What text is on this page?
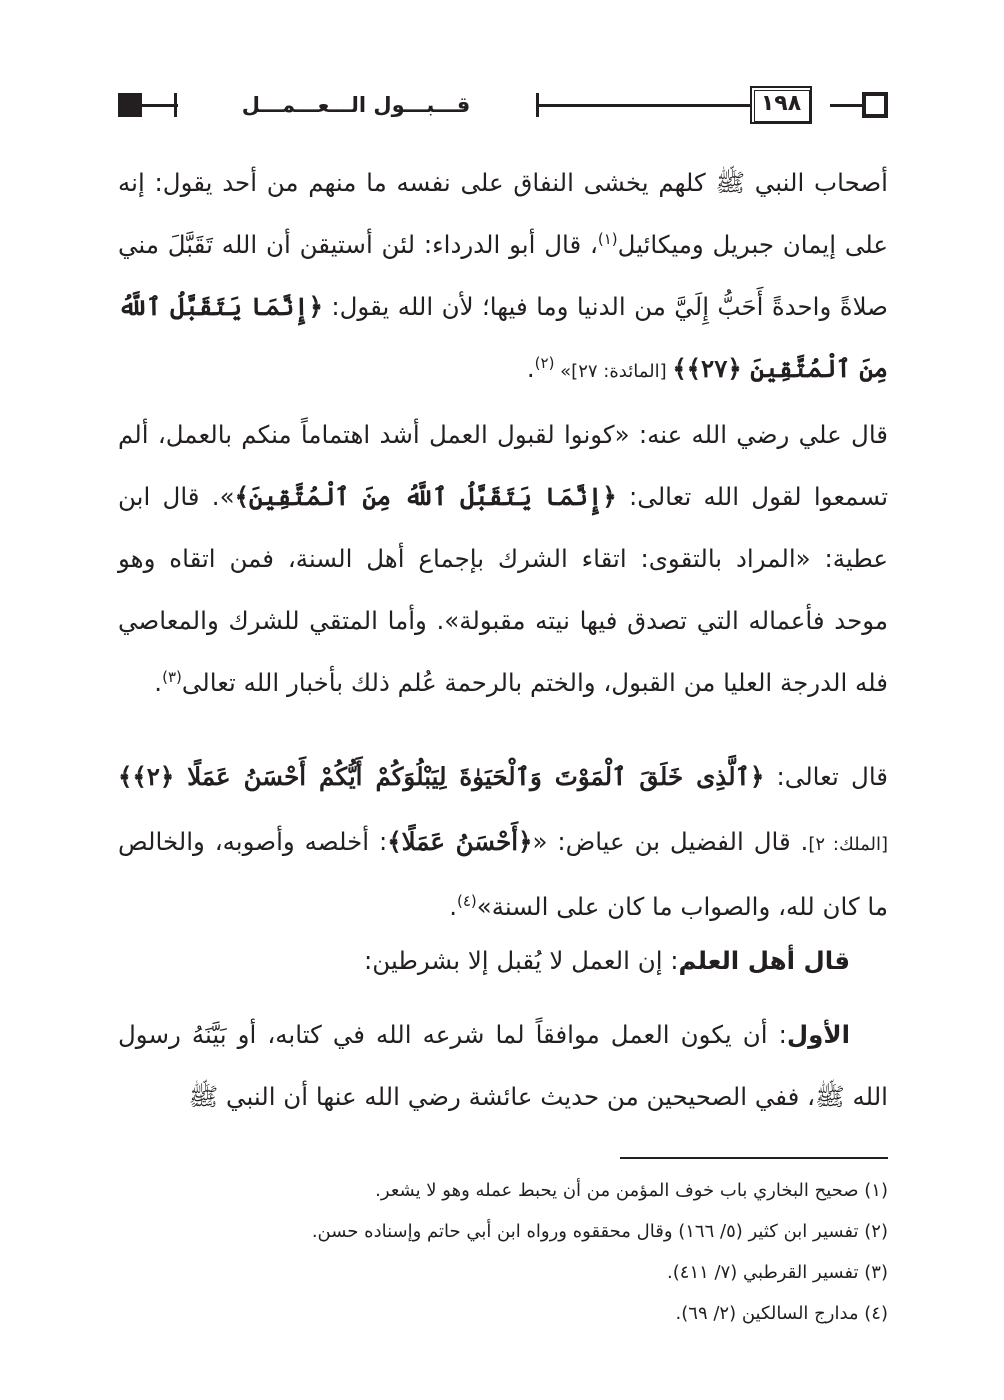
قـــبـــول الـــعـــمـــل	١٩٨

أصحاب النبي ﷺ كلهم يخشى النفاق على نفسه ما منهم من أحد يقول: إنه على إيمان جبريل وميكائيل$^{(١)}$، قال أبو الدرداء: لئن أستيقن أن الله تَقَبَّلَ مني صلاةً واحدةً أَحَبُّ إِلَيَّ من الدنيا وما فيها؛ لأن الله يقول: ﴿إِنَّمَا يَتَقَبَّلُ ٱللَّهُ مِنَ ٱلْمُتَّقِينَ ﴿٢٧﴾﴾ [المائدة: ٢٧]» $^{(٢)}$.

قال علي رضي الله عنه: «كونوا لقبول العمل أشد اهتماماً منكم بالعمل، ألم تسمعوا لقول الله تعالى: ﴿إِنَّمَا يَتَقَبَّلُ ٱللَّهُ مِنَ ٱلْمُتَّقِينَ﴾». قال ابن عطية: «المراد بالتقوى: اتقاء الشرك بإجماع أهل السنة، فمن اتقاه وهو موحد فأعماله التي تصدق فيها نيته مقبولة». وأما المتقي للشرك والمعاصي فله الدرجة العليا من القبول، والختم بالرحمة عُلم ذلك بأخبار الله تعالى$^{(٣)}$.

قال تعالى: ﴿ٱلَّذِى خَلَقَ ٱلْمَوْتَ وَٱلْحَيَوٰةَ لِيَبْلُوَكُمْ أَيُّكُمْ أَحْسَنُ عَمَلًا ﴿٢﴾﴾ [الملك: ٢]. قال الفضيل بن عياض: «﴿أَحْسَنُ عَمَلًا﴾: أخلصه وأصوبه، والخالص ما كان لله، والصواب ما كان على السنة»$^{(٤)}$.

قال أهل العلم: إن العمل لا يُقبل إلا بشرطين:

الأول: أن يكون العمل موافقاً لما شرعه الله في كتابه، أو بَيَّنَهُ رسول الله ﷺ، ففي الصحيحين من حديث عائشة رضي الله عنها أن النبي ﷺ

(١) صحيح البخاري باب خوف المؤمن من أن يحبط عمله وهو لا يشعر.
(٢) تفسير ابن كثير (٥/ ١٦٦) وقال محققوه ورواه ابن أبي حاتم وإسناده حسن.
(٣) تفسير القرطبي (٧/ ٤١١).
(٤) مدارج السالكين (٢/ ٦٩).
